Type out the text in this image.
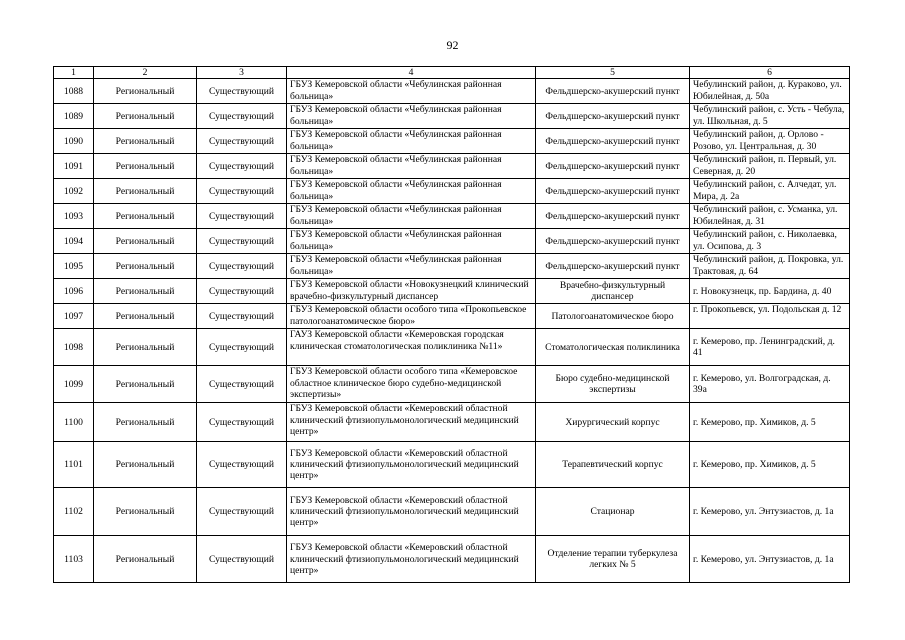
92
1	2	3	4	5	6
1088	Региональный	Существующий	ГБУЗ Кемеровской области «Чебулинская районная больница»	Фельдшерско-акушерский пункт	Чебулинский район, д. Кураково, ул. Юбилейная, д. 50а
1089	Региональный	Существующий	ГБУЗ Кемеровской области «Чебулинская районная больница»	Фельдшерско-акушерский пункт	Чебулинский район, с. Усть - Чебула, ул. Школьная, д. 5
1090	Региональный	Существующий	ГБУЗ Кемеровской области «Чебулинская районная больница»	Фельдшерско-акушерский пункт	Чебулинский район, д. Орлово - Розово, ул. Центральная, д. 30
1091	Региональный	Существующий	ГБУЗ Кемеровской области «Чебулинская районная больница»	Фельдшерско-акушерский пункт	Чебулинский район, п. Первый, ул. Северная, д. 20
1092	Региональный	Существующий	ГБУЗ Кемеровской области «Чебулинская районная больница»	Фельдшерско-акушерский пункт	Чебулинский район, с. Алчедат, ул. Мира, д. 2а
1093	Региональный	Существующий	ГБУЗ Кемеровской области «Чебулинская районная больница»	Фельдшерско-акушерский пункт	Чебулинский район, с. Усманка, ул. Юбилейная, д. 31
1094	Региональный	Существующий	ГБУЗ Кемеровской области «Чебулинская районная больница»	Фельдшерско-акушерский пункт	Чебулинский район, с. Николаевка, ул. Осипова, д. 3
1095	Региональный	Существующий	ГБУЗ Кемеровской области «Чебулинская районная больница»	Фельдшерско-акушерский пункт	Чебулинский район, д. Покровка, ул. Трактовая, д. 64
1096	Региональный	Существующий	ГБУЗ Кемеровской области «Новокузнецкий клинический врачебно-физкультурный диспансер	Врачебно-физкультурный диспансер	г. Новокузнецк, пр. Бардина, д. 40
1097	Региональный	Существующий	ГБУЗ Кемеровской области особого типа «Прокопьевское патологоанатомическое бюро»	Патологоанатомическое бюро	г. Прокопьевск, ул. Подольская д. 12
1098	Региональный	Существующий	ГАУЗ Кемеровской области «Кемеровская городская клиническая стоматологическая поликлиника №11»	Стоматологическая поликлиника	г. Кемерово, пр. Ленинградский, д. 41
1099	Региональный	Существующий	ГБУЗ Кемеровской области особого типа «Кемеровское областное клиническое бюро судебно-медицинской экспертизы»	Бюро судебно-медицинской экспертизы	г. Кемерово, ул. Волгоградская, д. 39а
1100	Региональный	Существующий	ГБУЗ Кемеровской области «Кемеровский областной клинический фтизиопульмонологический медицинский центр»	Хирургический корпус	г. Кемерово, пр. Химиков, д. 5
1101	Региональный	Существующий	ГБУЗ Кемеровской области «Кемеровский областной клинический фтизиопульмонологический медицинский центр»	Терапевтический корпус	г. Кемерово, пр. Химиков, д. 5
1102	Региональный	Существующий	ГБУЗ Кемеровской области «Кемеровский областной клинический фтизиопульмонологический медицинский центр»	Стационар	г. Кемерово, ул. Энтузиастов, д. 1а
1103	Региональный	Существующий	ГБУЗ Кемеровской области «Кемеровский областной клинический фтизиопульмонологический медицинский центр»	Отделение терапии туберкулеза легких № 5	г. Кемерово, ул. Энтузиастов, д. 1а
